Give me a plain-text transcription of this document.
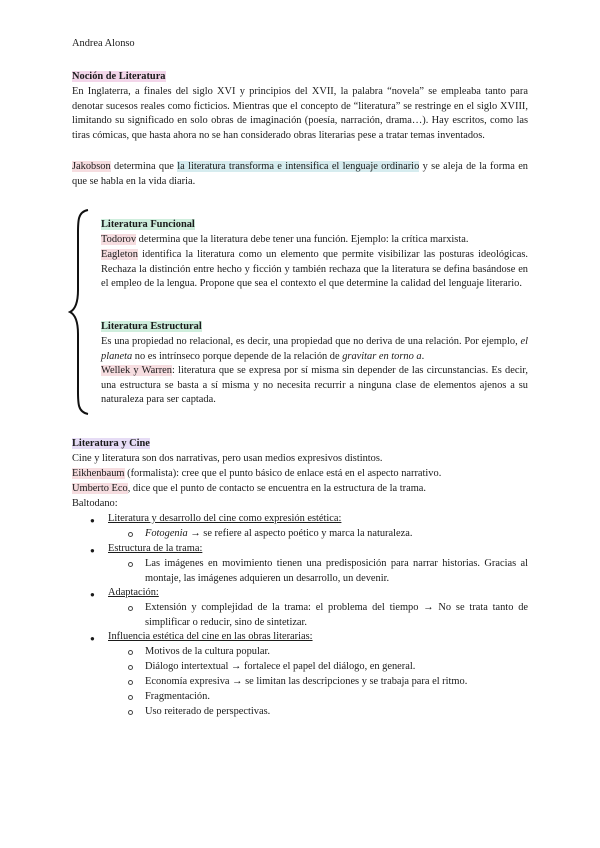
Andrea Alonso
Noción de Literatura

En Inglaterra, a finales del siglo XVI y principios del XVII, la palabra “novela” se empleaba tanto para denotar sucesos reales como ficticios. Mientras que el concepto de “literatura” se restringe en el siglo XVIII, limitando su significado en solo obras de imaginación (poesía, narración, drama…). Hay escritos, como las tiras cómicas, que hasta ahora no se han considerado obras literarias pese a tratar temas inventados.

Jakobson determina que la literatura transforma e intensifica el lenguaje ordinario y se aleja de la forma en que se habla en la vida diaria.

Literatura Funcional

Todorov determina que la literatura debe tener una función. Ejemplo: la crítica marxista.

Eagleton identifica la literatura como un elemento que permite visibilizar las posturas ideológicas. Rechaza la distinción entre hecho y ficción y también rechaza que la literatura se defina basándose en el empleo de la lengua. Propone que sea el contexto el que determine la calidad del lenguaje literario.

Literatura Estructural

Es una propiedad no relacional, es decir, una propiedad que no deriva de una relación. Por ejemplo, el planeta no es intrínseco porque depende de la relación de gravitar en torno a.

Wellek y Warren: literatura que se expresa por sí misma sin depender de las circunstancias. Es decir, una estructura se basta a sí misma y no necesita recurrir a ninguna clase de elementos ajenos a su naturaleza para ser captada.

Literatura y Cine
Cine y literatura son dos narrativas, pero usan medios expresivos distintos.
Eikhenbaum (formalista): cree que el punto básico de enlace está en el aspecto narrativo.
Umberto Eco, dice que el punto de contacto se encuentra en la estructura de la trama.
Baltodano:
● Literatura y desarrollo del cine como expresión estética:
Fotogenia → se refiere al aspecto poético y marca la naturaleza.
● Estructura de la trama:

Las imágenes en movimiento tienen una predisposición para narrar historias. Gracias al montaje, las imágenes adquieren un desarrollo, un devenir.

● Adaptación:

Extensión y complejidad de la trama: el problema del tiempo → No se trata tanto de simplificar o reducir, sino de sintetizar.

● Influencia estética del cine en las obras literarias:
Motivos de la cultura popular.
Diálogo intertextual → fortalece el papel del diálogo, en general.
Economía expresiva → se limitan las descripciones y se trabaja para el ritmo.
Fragmentación.
Uso reiterado de perspectivas.
